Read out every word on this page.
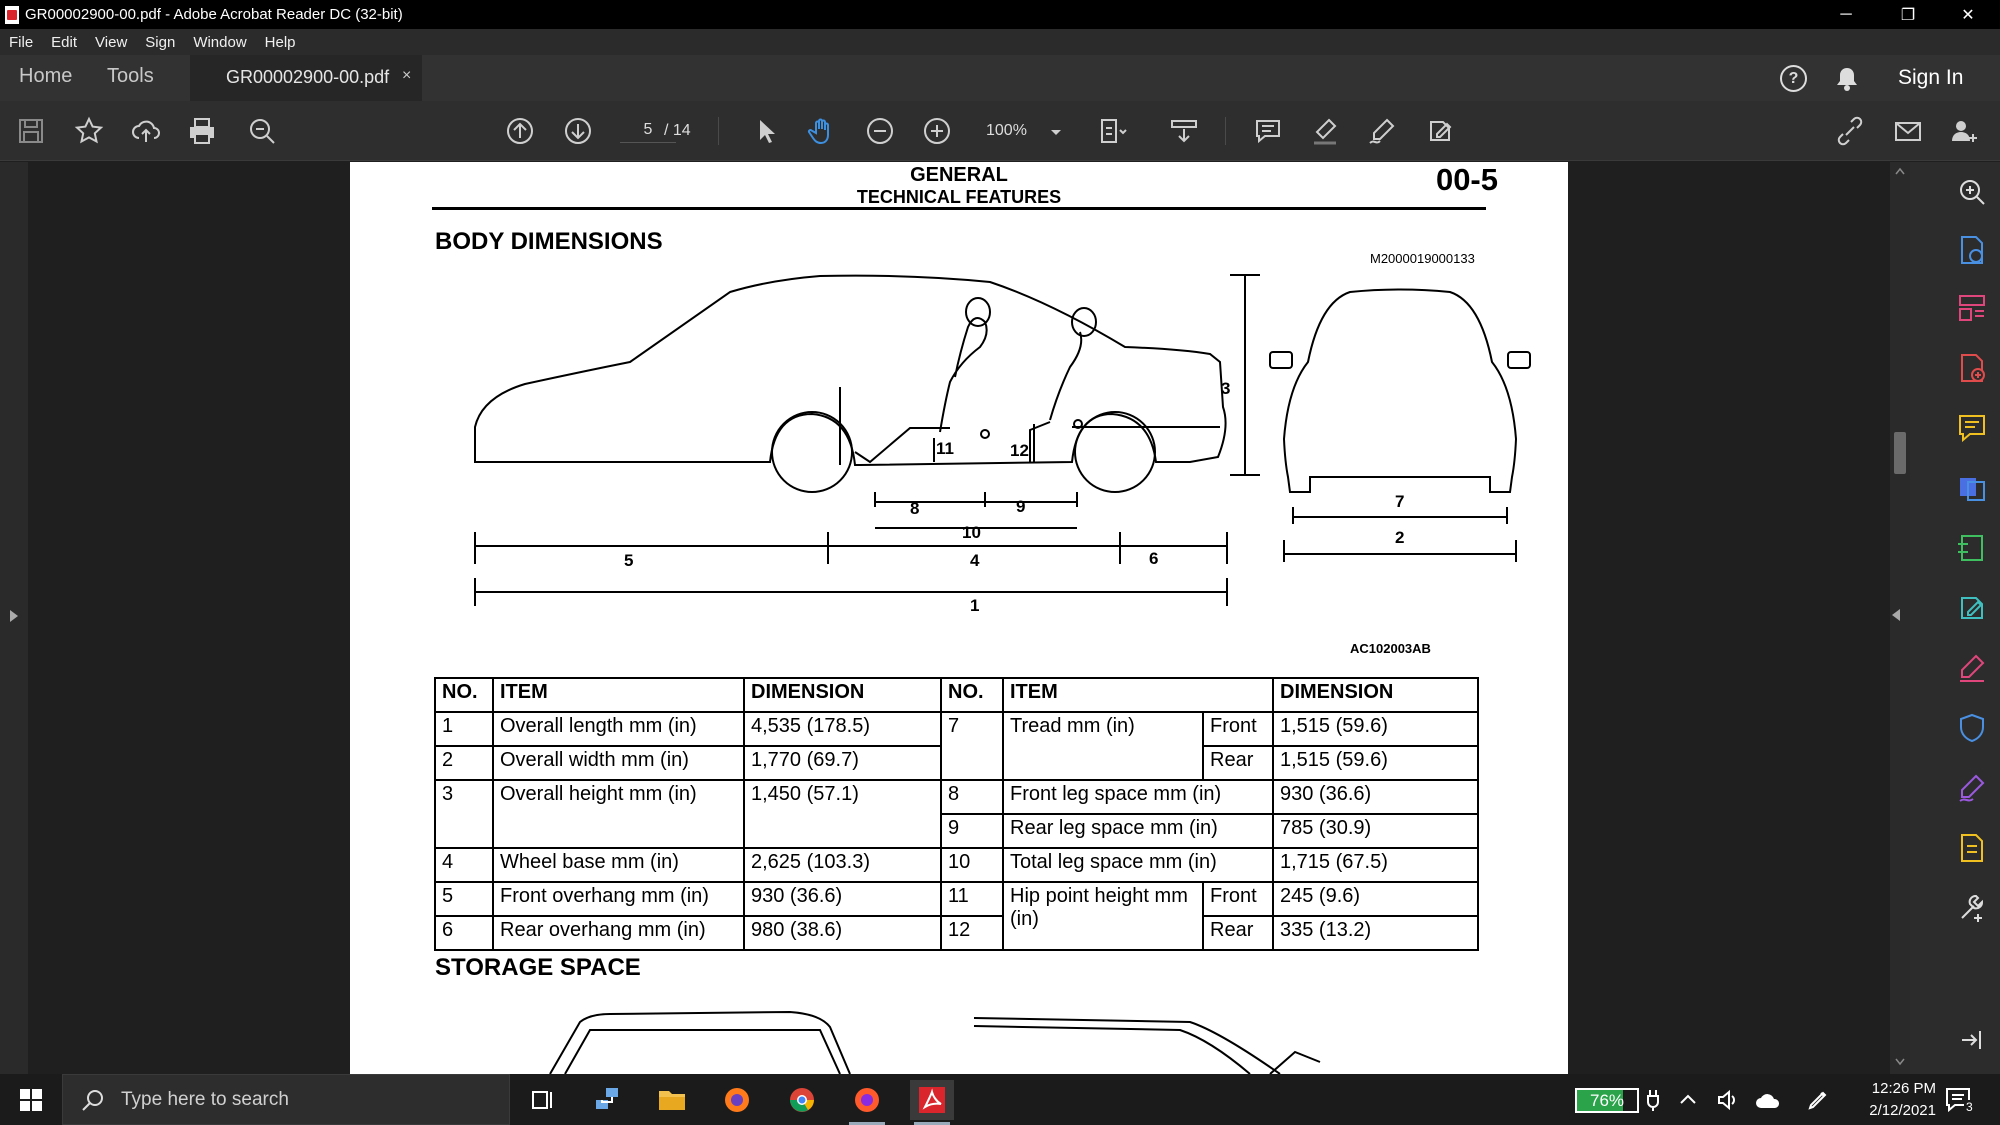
GR00002900-00.pdf - Adobe Acrobat Reader DC (32-bit)	─	❐	✕
File	Edit	View	Sign	Window	Help
Home Tools	GR00002900-00.pdf ×	?	Sign In
5 / 14	100%
GENERAL
TECHNICAL FEATURES	00-5
BODY DIMENSIONS
M2000019000133
5	4	6
1
3
8	9
10
11	12
7
2
AC102003AB
NO.	ITEM	DIMENSION	NO.	ITEM		DIMENSION
1	Overall length mm (in)	4,535 (178.5)	7	Tread mm (in)	Front	1,515 (59.6)
2	Overall width mm (in)	1,770 (69.7)			Rear	1,515 (59.6)
3	Overall height mm (in)	1,450 (57.1)	8	Front leg space mm (in)		930 (36.6)
			9	Rear leg space mm (in)		785 (30.9)
4	Wheel base mm (in)	2,625 (103.3)	10	Total leg space mm (in)		1,715 (67.5)
5	Front overhang mm (in)	930 (36.6)	11	Hip point height mm (in)	Front	245 (9.6)
6	Rear overhang mm (in)	980 (38.6)	12		Rear	335 (13.2)
STORAGE SPACE
Type here to search	76%
12:26 PM
2/12/2021	3
